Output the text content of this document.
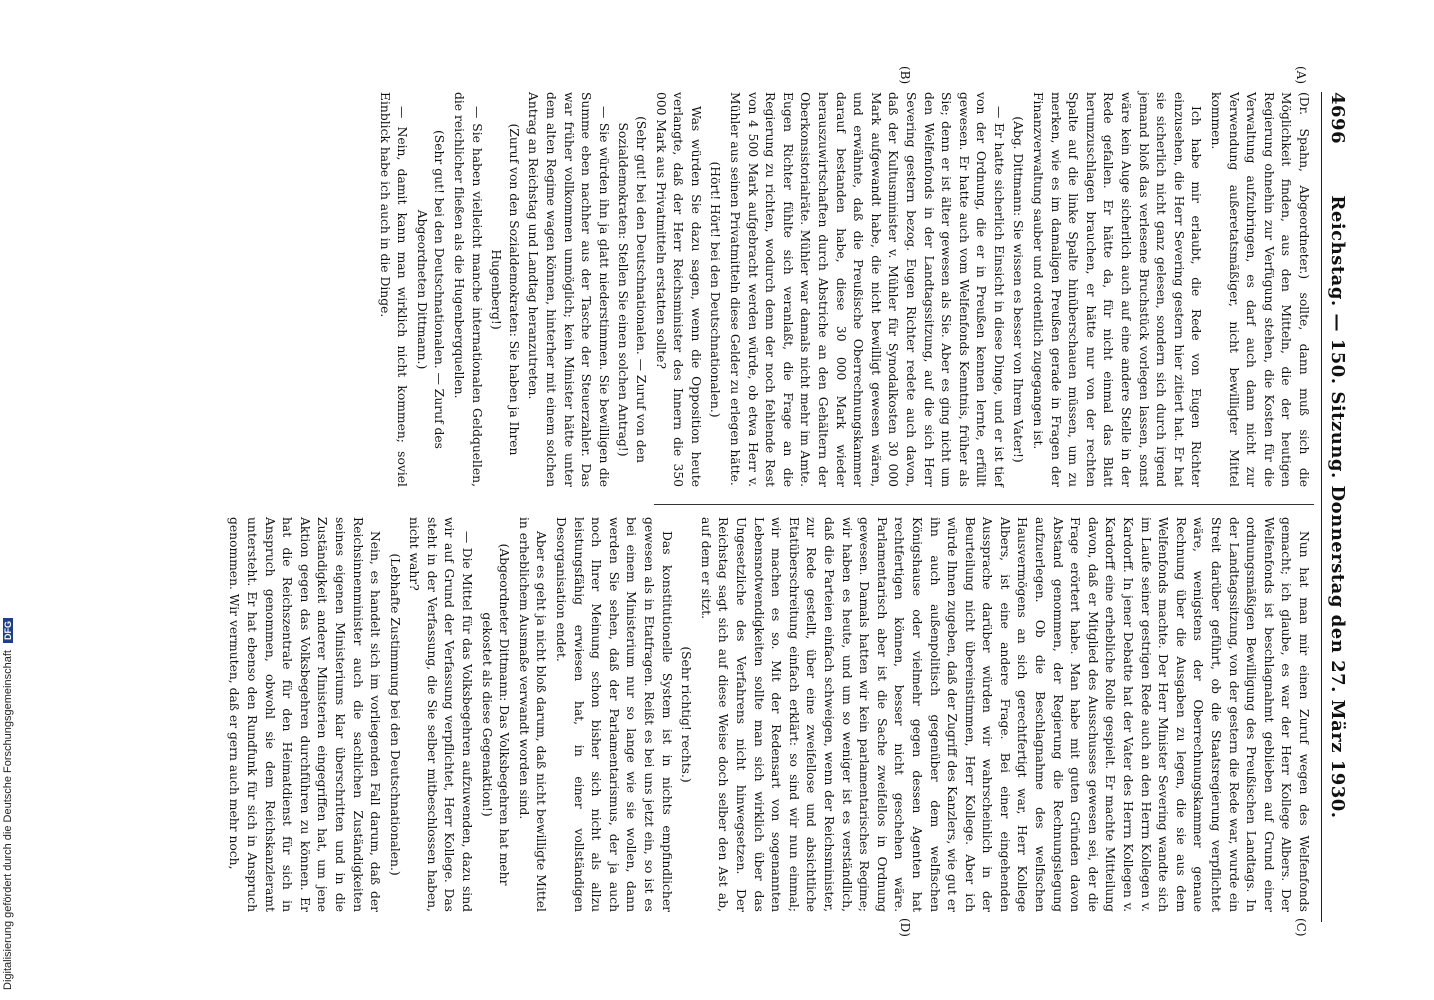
4696
Reichstag. — 150. Sitzung. Donnerstag den 27. März 1930.
(A)
(B)
(C)
(D)

(Dr. Spahn, Abgeordneter.) sollte, dann muß sich die Möglichkeit finden, aus den Mitteln, die der heutigen Regierung ohnehin zur Verfügung stehen, die Kosten für die Verwaltung aufzubringen, es darf auch dann nicht zur Verwendung außeretatsmäßiger, nicht bewilligter Mittel kommen.

Ich habe mir erlaubt, die Rede von Eugen Richter einzusehen, die Herr Severing gestern hier zitiert hat. Er hat sie sicherlich nicht ganz gelesen, sondern sich durch irgend jemand bloß das verlesene Bruchstück vorlegen lassen, sonst wäre kein Auge sicherlich auch auf eine andere Stelle in der Rede gefallen. Er hätte da, für nicht einmal das Blatt herumzuschlagen brauchen, er hätte nur von der rechten Spalte auf die linke Spalte hinüberschauen müssen, um zu merken, wie es im damaligen Preußen gerade in Fragen der Finanzverwaltung sauber und ordentlich zugegangen ist.

(Abg. Dittmann: Sie wissen es besser von Ihrem Vater!)

— Er hatte sicherlich Einsicht in diese Dinge, und er ist tief von der Ordnung, die er in Preußen kennen lernte, erfüllt gewesen. Er hatte auch vom Welfenfonds Kenntnis, früher als Sie; denn er ist älter gewesen als Sie. Aber es ging nicht um den Welfenfonds in der Landtagssitzung, auf die sich Herr Severing gestern bezog. Eugen Richter redete auch davon, daß der Kultusminister v. Mühler für Synodalkosten 30 000 Mark aufgewandt habe, die nicht bewilligt gewesen wären, und erwähnte, daß die Preußische Oberrechnungskammer darauf bestanden habe, diese 30 000 Mark wieder herauszuwirtschaften durch Abstriche an den Gehältern der Oberkonsistorialräte. Mühler war damals nicht mehr im Amte. Eugen Richter fühlte sich veranlaßt, die Frage an die Regierung zu richten, wodurch denn der noch fehlende Rest von 4 500 Mark aufgebracht werden würde, ob etwa Herr v. Mühler aus seinen Privatmitteln diese Gelder zu erlegen hätte.

(Hört! Hört! bei den Deutschnationalen.)

Was würden Sie dazu sagen, wenn die Opposition heute verlangte, daß der Herr Reichsminister des Innern die 350 000 Mark aus Privatmitteln erstatten sollte?

(Sehr gut! bei den Deutschnationalen. — Zuruf von den Sozialdemokraten: Stellen Sie einen solchen Antrag!)

— Sie würden ihn ja glatt niederstimmen. Sie bewilligen die Summe eben nachher aus der Tasche der Steuerzahler. Das war früher vollkommen unmöglich; kein Minister hätte unter dem alten Regime wagen können, hinterher mit einem solchen Antrag an Reichstag und Landtag heranzutreten.

(Zuruf von den Sozialdemokraten: Sie haben ja Ihren Hugenberg!)

— Sie haben vielleicht manche internationalen Geldquellen, die reichlicher fließen als die Hugenbergquellen.

(Sehr gut! bei den Deutschnationalen. — Zuruf des Abgeordneten Dittmann.)

— Nein, damit kann man wirklich nicht kommen; soviel Einblick habe ich auch in die Dinge.

Nun hat man mir einen Zuruf wegen des Welfenfonds gemacht; ich glaube, es war der Herr Kollege Albers. Der Welfenfonds ist beschlagnahmt geblieben auf Grund einer ordnungsmäßigen Bewilligung des Preußischen Landtags. In der Landtagssitzung, von der gestern die Rede war, wurde ein Streit darüber geführt, ob die Staatsregierung verpflichtet wäre, wenigstens der Oberrechnungskammer genaue Rechnung über die Ausgaben zu legen, die sie aus dem Welfenfonds machte. Der Herr Minister Severing wandte sich im Laufe seiner gestrigen Rede auch an den Herrn Kollegen v. Kardorff. In jener Debatte hat der Vater des Herrn Kollegen v. Kardorff eine erhebliche Rolle gespielt. Er machte Mitteilung davon, daß er Mitglied des Ausschusses gewesen sei, der die Frage erörtert habe. Man habe mit guten Gründen davon Abstand genommen, der Regierung die Rechnungslegung aufzuerlegen. Ob die Beschlagnahme des welfischen Hausvermögens an sich gerechtfertigt war, Herr Kollege Albers, ist eine andere Frage. Bei einer eingehenden Aussprache darüber würden wir wahrscheinlich in der Beurteilung nicht übereinstimmen, Herr Kollege. Aber ich würde Ihnen zugeben, daß der Zugriff des Kanzlers, wie gut er ihn auch außenpolitisch gegenüber dem welfischen Königshause oder vielmehr gegen dessen Agenten hat rechtfertigen können, besser nicht geschehen wäre. Parlamentarisch aber ist die Sache zweifellos in Ordnung gewesen. Damals hatten wir kein parlamentarisches Regime; wir haben es heute, und um so weniger ist es verständlich, daß die Parteien einfach schweigen, wenn der Reichsminister, zur Rede gestellt, über eine zweifellose und absichtliche Etatüberschreitung einfach erklärt: so sind wir nun einmal; wir machen es so. Mit der Redensart von sogenannten Lebensnotwendigkeiten sollte man sich wirklich über das Ungesetzliche des Verfahrens nicht hinwegsetzen. Der Reichstag sagt sich auf diese Weise doch selber den Ast ab, auf dem er sitzt.

(Sehr richtig! rechts.)

Das konstitutionelle System ist in nichts empfindlicher gewesen als in Etatfragen. Reißt es bei uns jetzt ein, so ist es bei einem Ministerium nur so lange wie sie wollen, dann werden Sie sehen, daß der Parlamentarismus, der ja auch noch Ihrer Meinung schon bisher sich nicht als allzu leistungsfähig erwiesen hat, in einer vollständigen Desorganisation endet.

Aber es geht ja nicht bloß darum, daß nicht bewilligte Mittel in erheblichem Ausmaße verwandt worden sind.

(Abgeordneter Dittmann: Das Volksbegehren hat mehr gekostet als diese Gegenaktion!)

— Die Mittel für das Volksbegehren aufzuwenden, dazu sind wir auf Grund der Verfassung verpflichtet, Herr Kollege. Das steht in der Verfassung, die Sie selber mitbeschlossen haben, nicht wahr?

(Lebhafte Zustimmung bei den Deutschnationalen.)

Nein, es handelt sich im vorliegenden Fall darum, daß der Reichsinnenminister auch die sachlichen Zuständigkeiten seines eigenen Ministeriums klar überschritten und in die Zuständigkeit anderer Ministerien eingegriffen hat, um jene Aktion gegen das Volksbegehren durchführen zu können. Er hat die Reichszentrale für den Heimatdienst für sich in Anspruch genommen, obwohl sie dem Reichskanzleramt untersteht. Er hat ebenso den Rundfunk für sich in Anspruch genommen. Wir vermuten, daß er gern auch mehr noch,

Digitalisierung gefördert durch die Deutsche Forschungsgemeinschaft DFG
